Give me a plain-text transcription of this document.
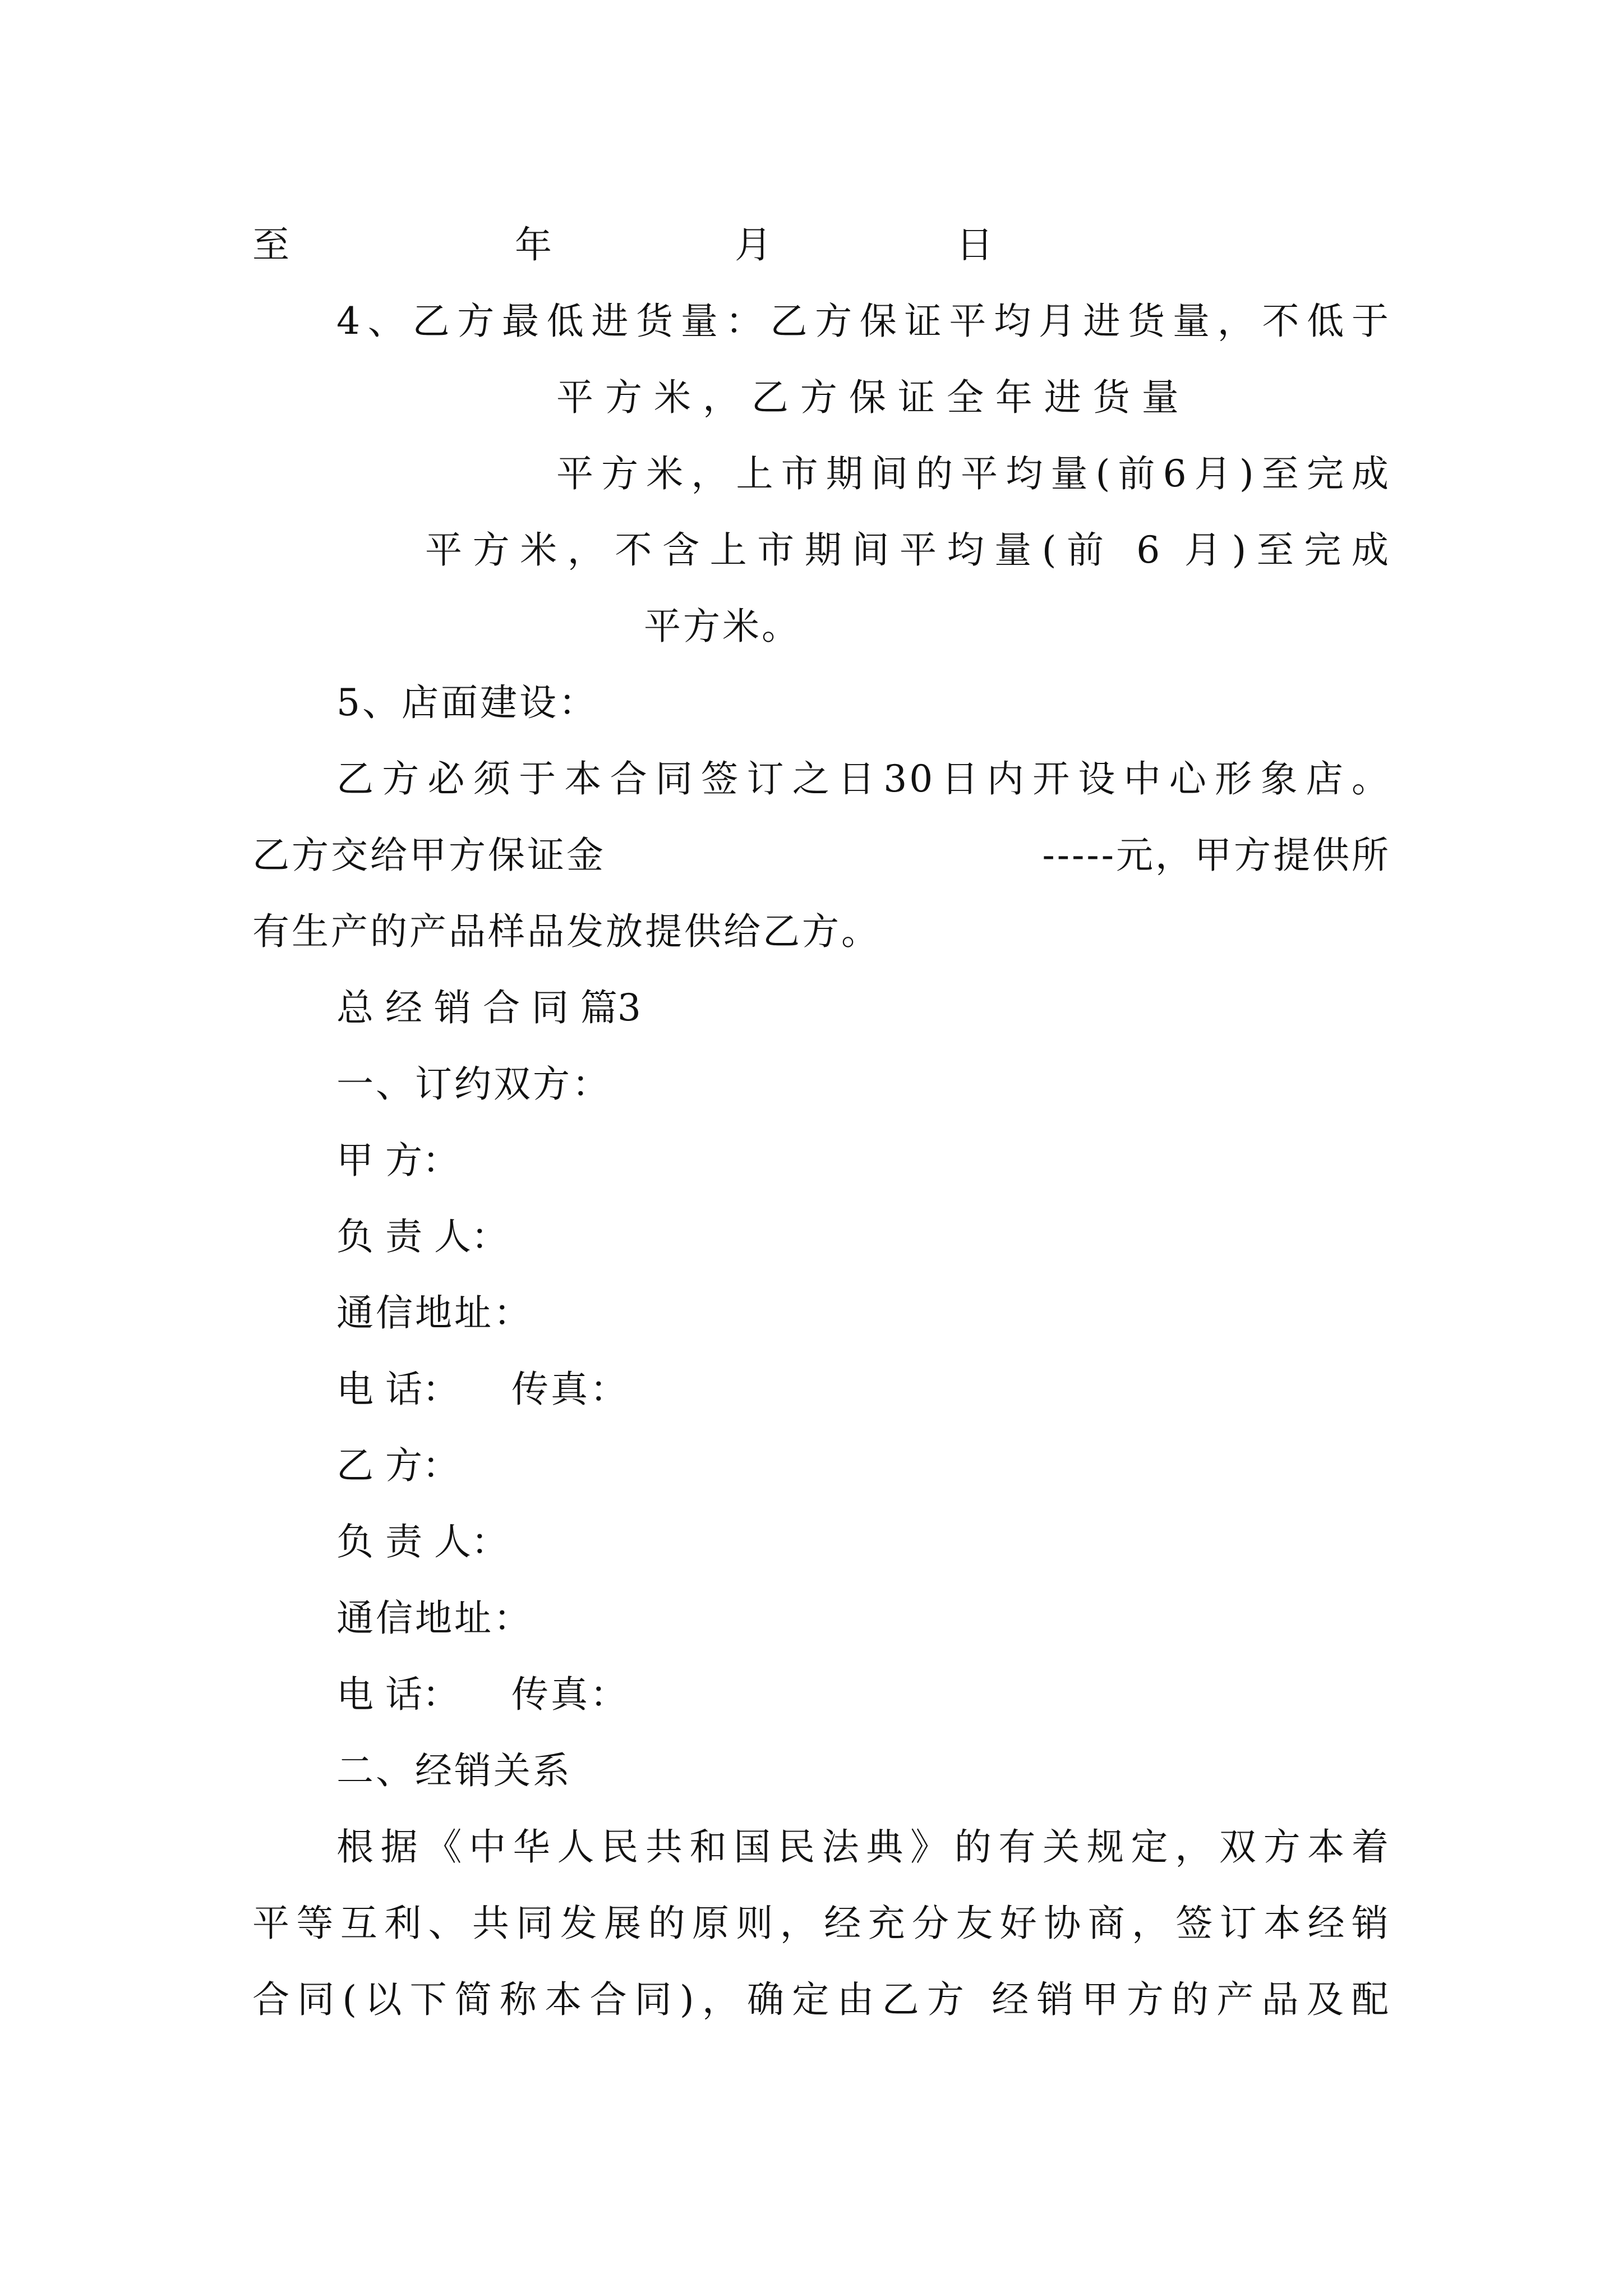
至	年	月	日
4、乙方最低进货量：乙方保证平均月进货量，不低于
平 方 米 ， 乙 方 保 证 全 年 进 货 量
平方米，上市期间的平均量(前6月)至完成
平方米，不含上市期间平均量(前 6 月)至完成
平方米。
5、店面建设：
乙方必须于本合同签订之日30日内开设中心形象店。
乙方交给甲方保证金	-----元，甲方提供所
有生产的产品样品发放提供给乙方。
总 经 销 合 同 篇3
一、订约双方：
甲 方：
负 责 人：
通信地址：
电 话： 传真：
乙 方：
负 责 人：
通信地址：
电 话： 传真：
二、经销关系
根据《中华人民共和国民法典》的有关规定，双方本着
平等互利、共同发展的原则，经充分友好协商，签订本经销
合同(以下简称本合同)，确定由乙方 经销甲方的产品及配
